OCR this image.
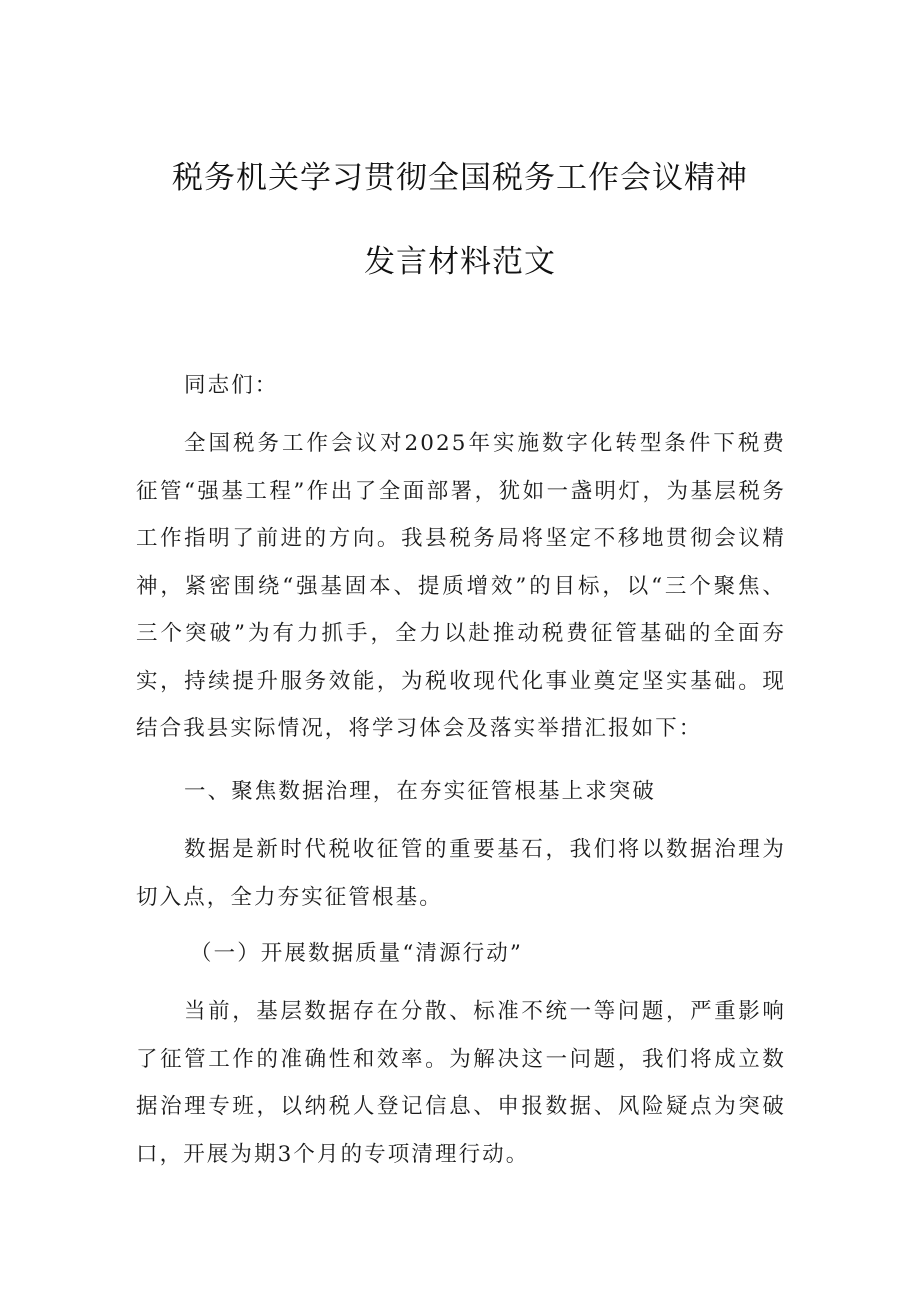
税务机关学习贯彻全国税务工作会议精神
发言材料范文
同志们：
全国税务工作会议对2025年实施数字化转型条件下税费征管“强基工程”作出了全面部署，犹如一盏明灯，为基层税务工作指明了前进的方向。我县税务局将坚定不移地贯彻会议精神，紧密围绕“强基固本、提质增效”的目标，以“三个聚焦、三个突破”为有力抓手，全力以赴推动税费征管基础的全面夯实，持续提升服务效能，为税收现代化事业奠定坚实基础。现结合我县实际情况，将学习体会及落实举措汇报如下：
一、聚焦数据治理，在夯实征管根基上求突破
数据是新时代税收征管的重要基石，我们将以数据治理为切入点，全力夯实征管根基。
（一）开展数据质量“清源行动”
当前，基层数据存在分散、标准不统一等问题，严重影响了征管工作的准确性和效率。为解决这一问题，我们将成立数据治理专班，以纳税人登记信息、申报数据、风险疑点为突破口，开展为期3个月的专项清理行动。
